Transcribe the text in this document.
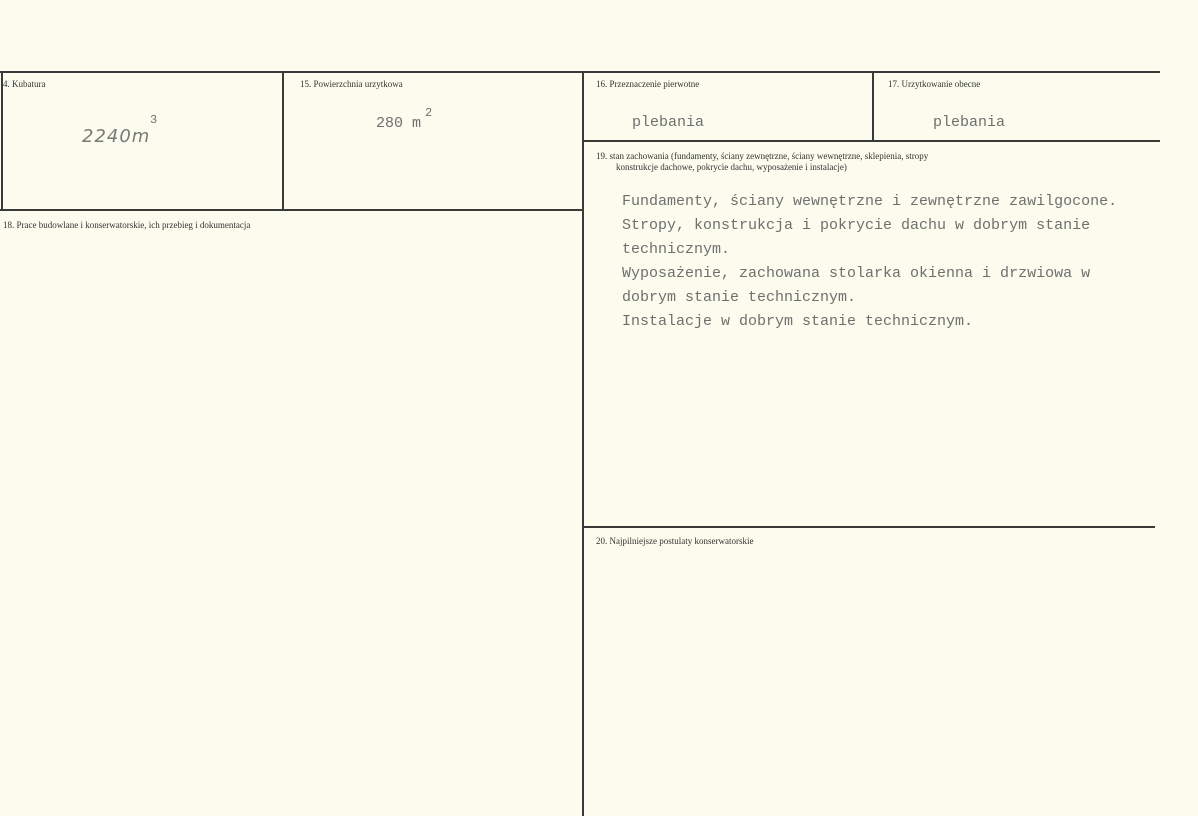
4. Kubatura
2240m
3
15. Powierzchnia urzytkowa
280 m
2
16. Przeznaczenie pierwotne
plebania
17. Urzytkowanie obecne
plebania
18. Prace budowlane i konserwatorskie, ich przebieg i dokumentacja
19. stan zachowania (fundamenty, ściany zewnętrzne, ściany wewnętrzne, sklepienia, stropy
konstrukcje dachowe, pokrycie dachu, wyposażenie i instalacje)
Fundamenty, ściany wewnętrzne i zewnętrzne zawilgocone.
Stropy, konstrukcja i pokrycie dachu w dobrym stanie
technicznym.
Wyposażenie, zachowana stolarka okienna i drzwiowa w
dobrym stanie technicznym.
Instalacje w dobrym stanie technicznym.
20. Najpilniejsze postulaty konserwatorskie
